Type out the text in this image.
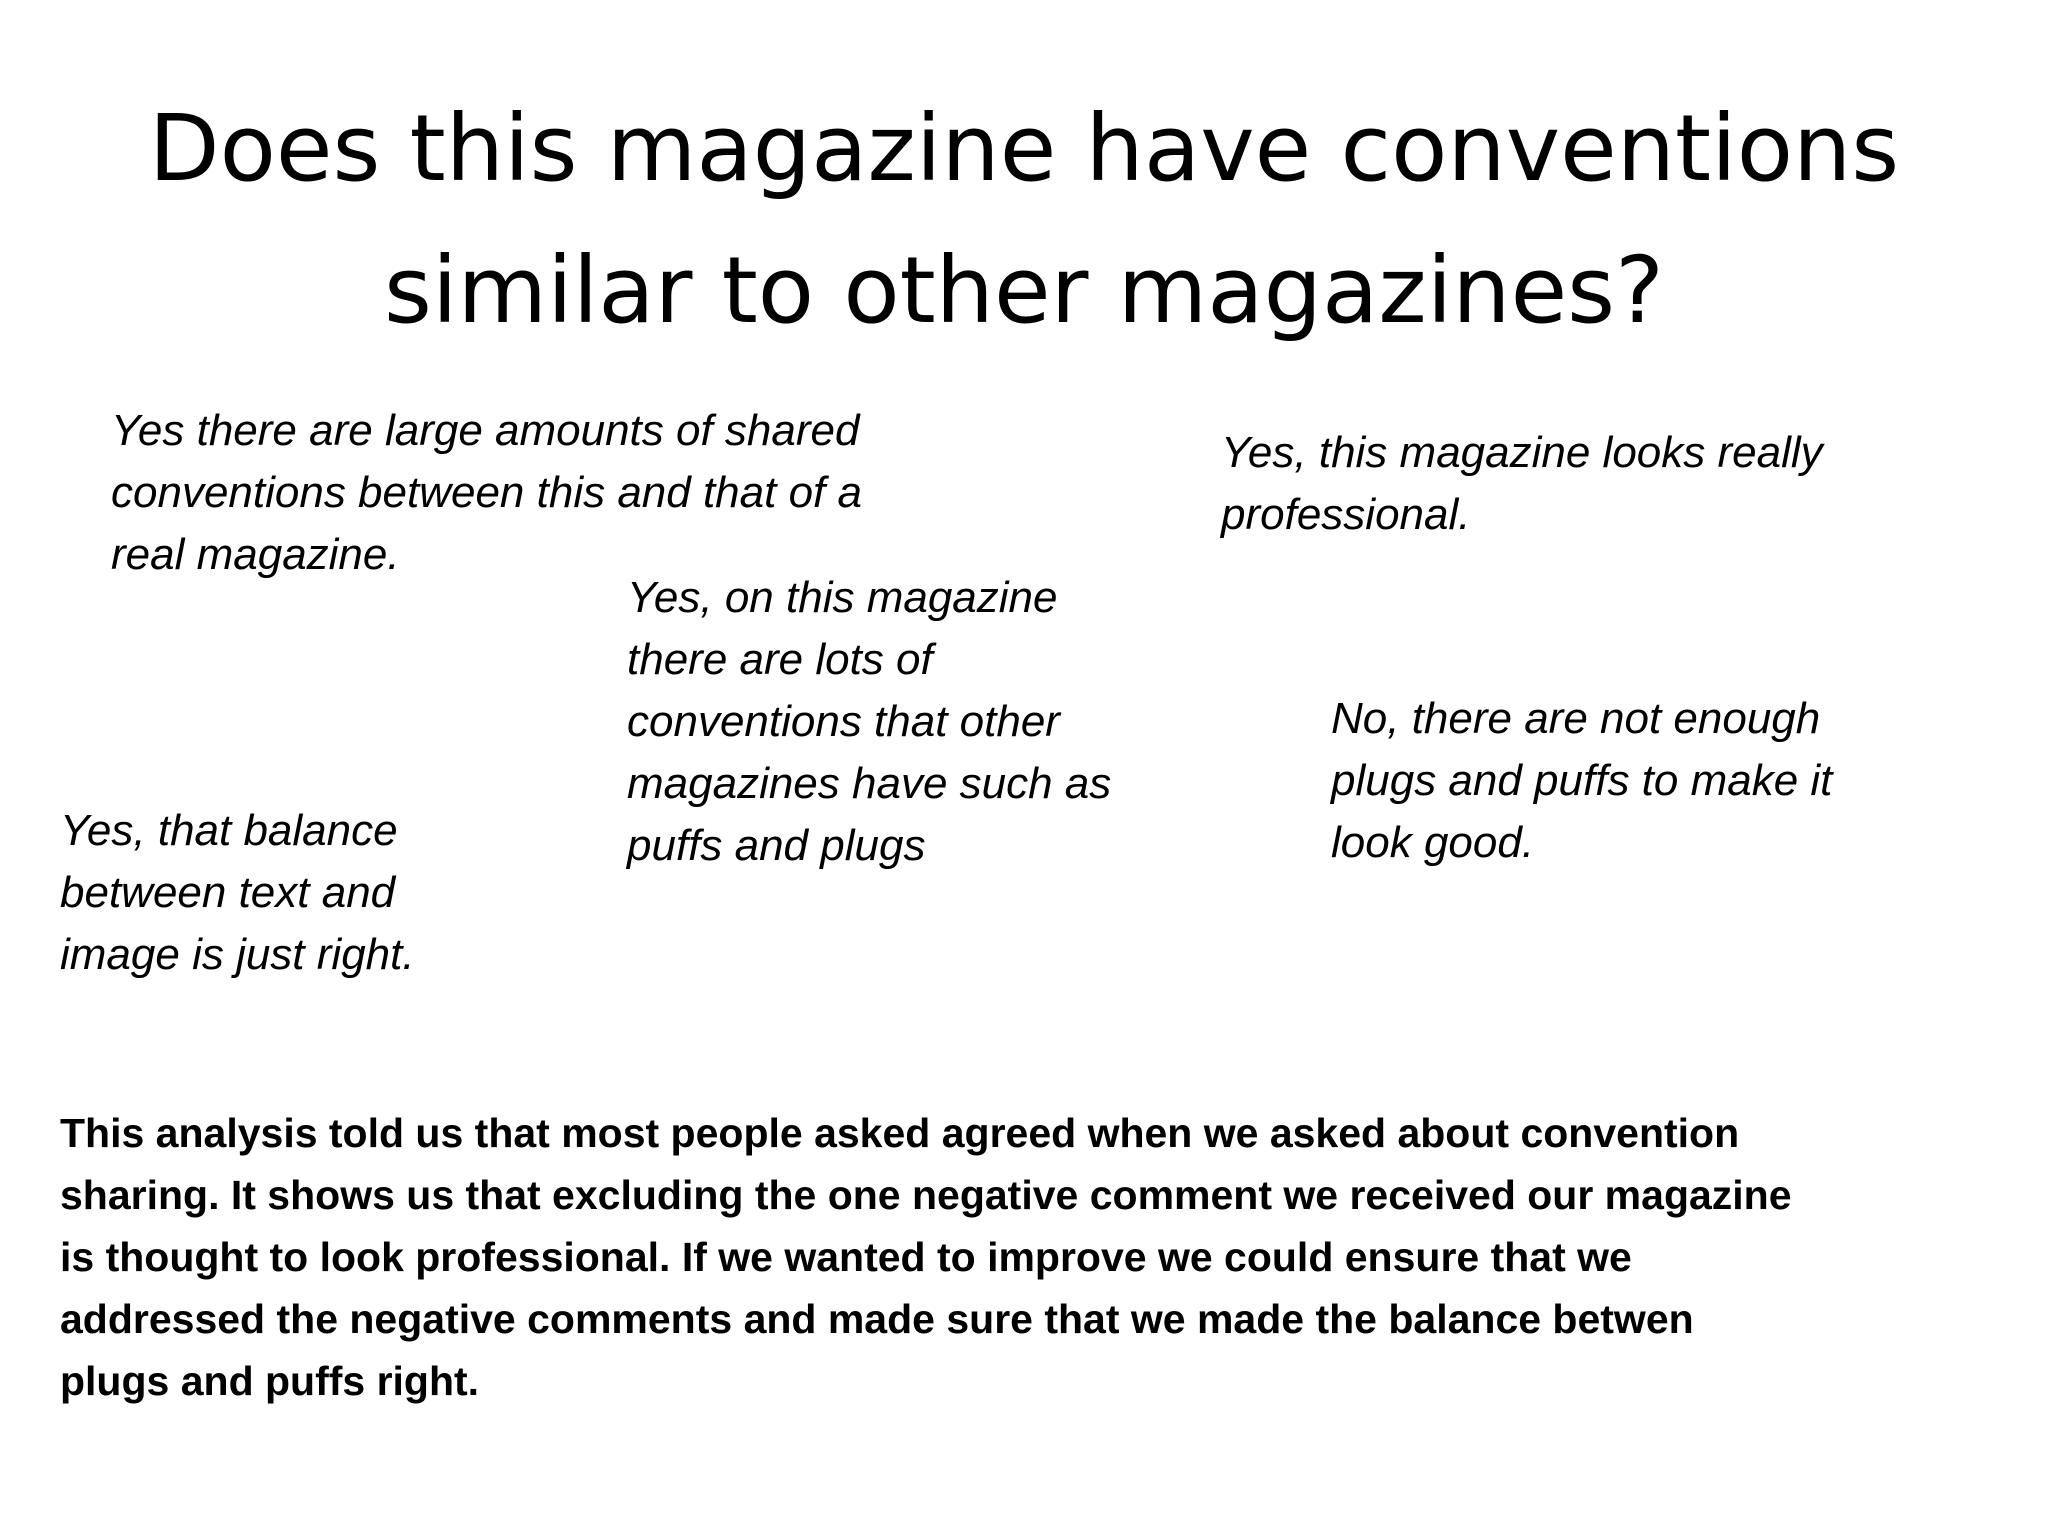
Does this magazine have conventions
similar to other magazines?

Yes there are large amounts of shared
conventions between this and that of a
real magazine.

Yes, this magazine looks really
professional.

Yes, on this magazine
there are lots of
conventions that other
magazines have such as
puffs and plugs

No, there are not enough
plugs and puffs to make it
look good.

Yes, that balance
between text and
image is just right.

This analysis told us that most people asked agreed when we asked about convention
sharing. It shows us that excluding the one negative comment we received our magazine
is thought to look professional. If we wanted to improve we could ensure that we
addressed the negative comments and made sure that we made the balance betwen
plugs and puffs right.
